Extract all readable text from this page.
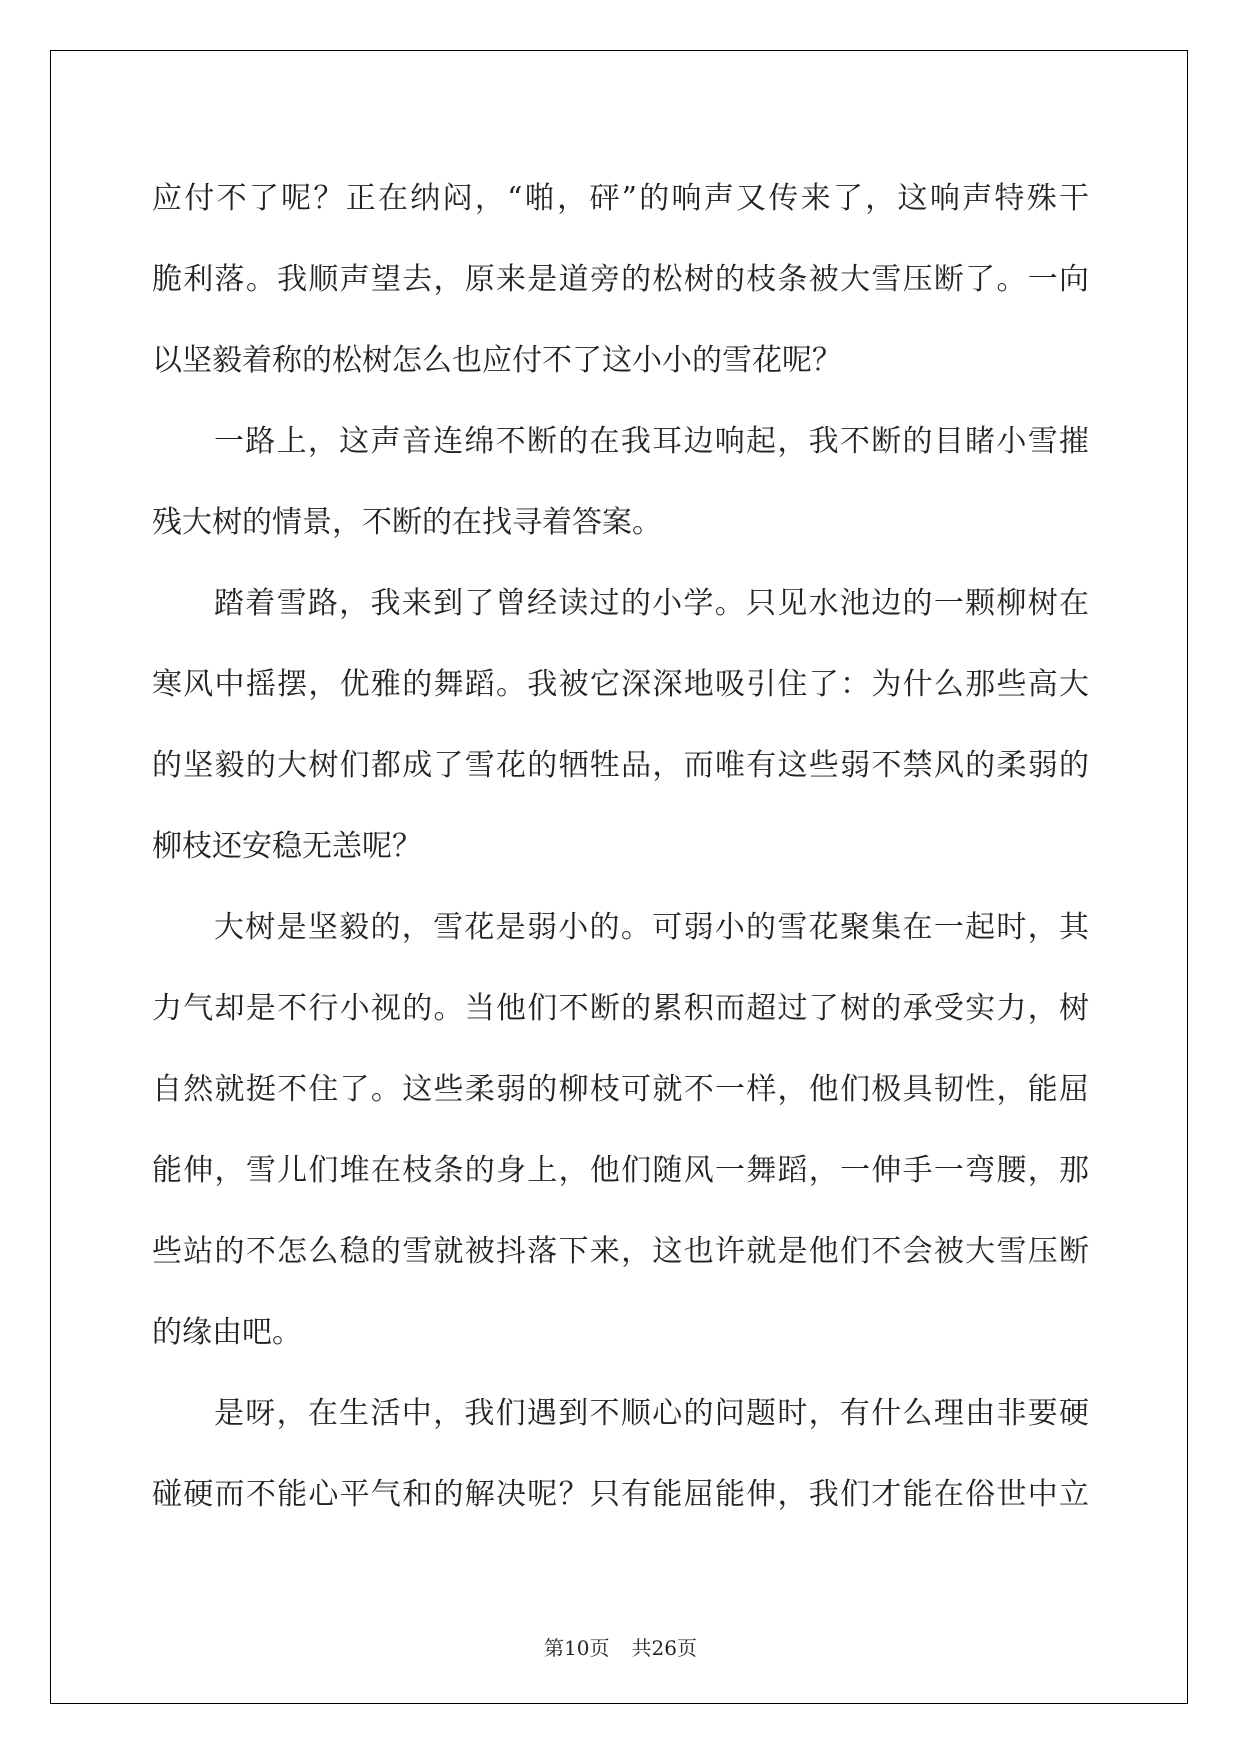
应付不了呢？正在纳闷，“啪，砰”的响声又传来了，这响声特殊干
脆利落。我顺声望去，原来是道旁的松树的枝条被大雪压断了。一向
以坚毅着称的松树怎么也应付不了这小小的雪花呢？
一路上，这声音连绵不断的在我耳边响起，我不断的目睹小雪摧
残大树的情景，不断的在找寻着答案。
踏着雪路，我来到了曾经读过的小学。只见水池边的一颗柳树在
寒风中摇摆，优雅的舞蹈。我被它深深地吸引住了：为什么那些高大
的坚毅的大树们都成了雪花的牺牲品，而唯有这些弱不禁风的柔弱的
柳枝还安稳无恙呢？
大树是坚毅的，雪花是弱小的。可弱小的雪花聚集在一起时，其
力气却是不行小视的。当他们不断的累积而超过了树的承受实力，树
自然就挺不住了。这些柔弱的柳枝可就不一样，他们极具韧性，能屈
能伸，雪儿们堆在枝条的身上，他们随风一舞蹈，一伸手一弯腰，那
些站的不怎么稳的雪就被抖落下来，这也许就是他们不会被大雪压断
的缘由吧。
是呀，在生活中，我们遇到不顺心的问题时，有什么理由非要硬
碰硬而不能心平气和的解决呢？只有能屈能伸，我们才能在俗世中立
第10页 共26页
